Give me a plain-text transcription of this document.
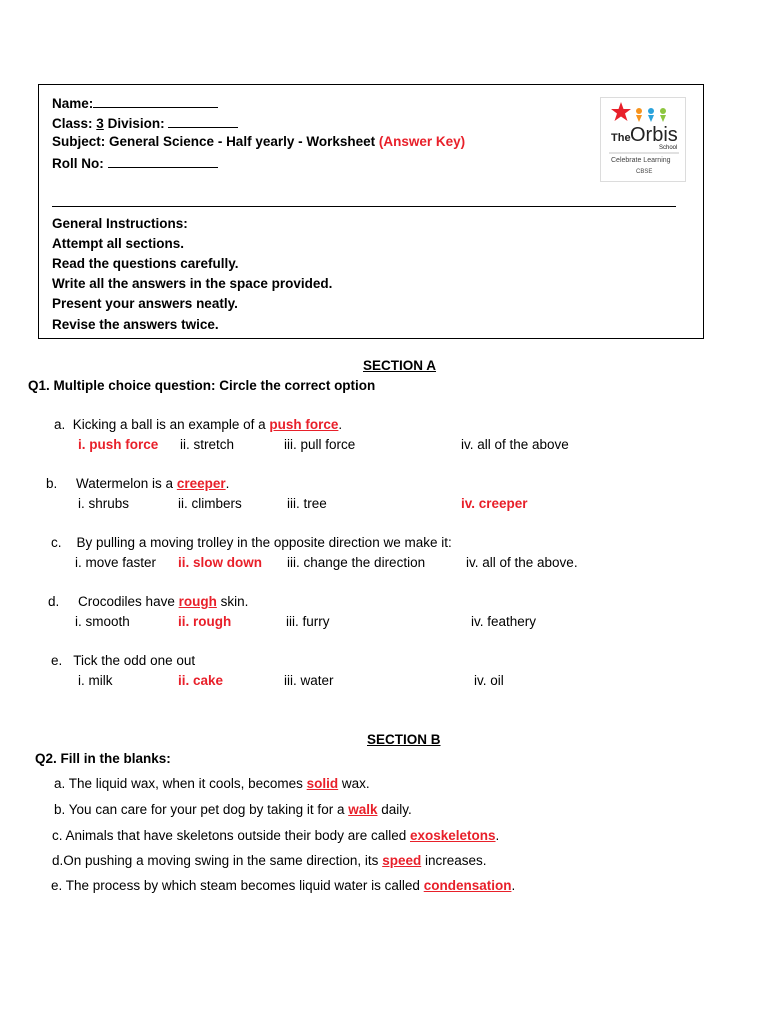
Name:
Class: 3 Division:
Subject: General Science - Half yearly - Worksheet (Answer Key)
Roll No:
The Orbis
School
Celebrate Learning
CBSE
General Instructions:
Attempt all sections.
Read the questions carefully.
Write all the answers in the space provided.
Present your answers neatly.
Revise the answers twice.
SECTION A
Q1. Multiple choice question: Circle the correct option
a. Kicking a ball is an example of a push force.
i. push force ii. stretch	iii. pull force	iv. all of the above
b. Watermelon is a creeper.
i. shrubs	ii. climbers	iii. tree	iv. creeper
c. By pulling a moving trolley in the opposite direction we make it:
i. move faster ii. slow down iii. change the direction	iv. all of the above.
d. Crocodiles have rough skin.
i. smooth	ii. rough	iii. furry	iv. feathery
e. Tick the odd one out
i. milk	ii. cake	iii. water	iv. oil
SECTION B
Q2. Fill in the blanks:
a. The liquid wax, when it cools, becomes solid wax.
b. You can care for your pet dog by taking it for a walk daily.
c. Animals that have skeletons outside their body are called exoskeletons.
d.On pushing a moving swing in the same direction, its speed increases.
e. The process by which steam becomes liquid water is called condensation.
